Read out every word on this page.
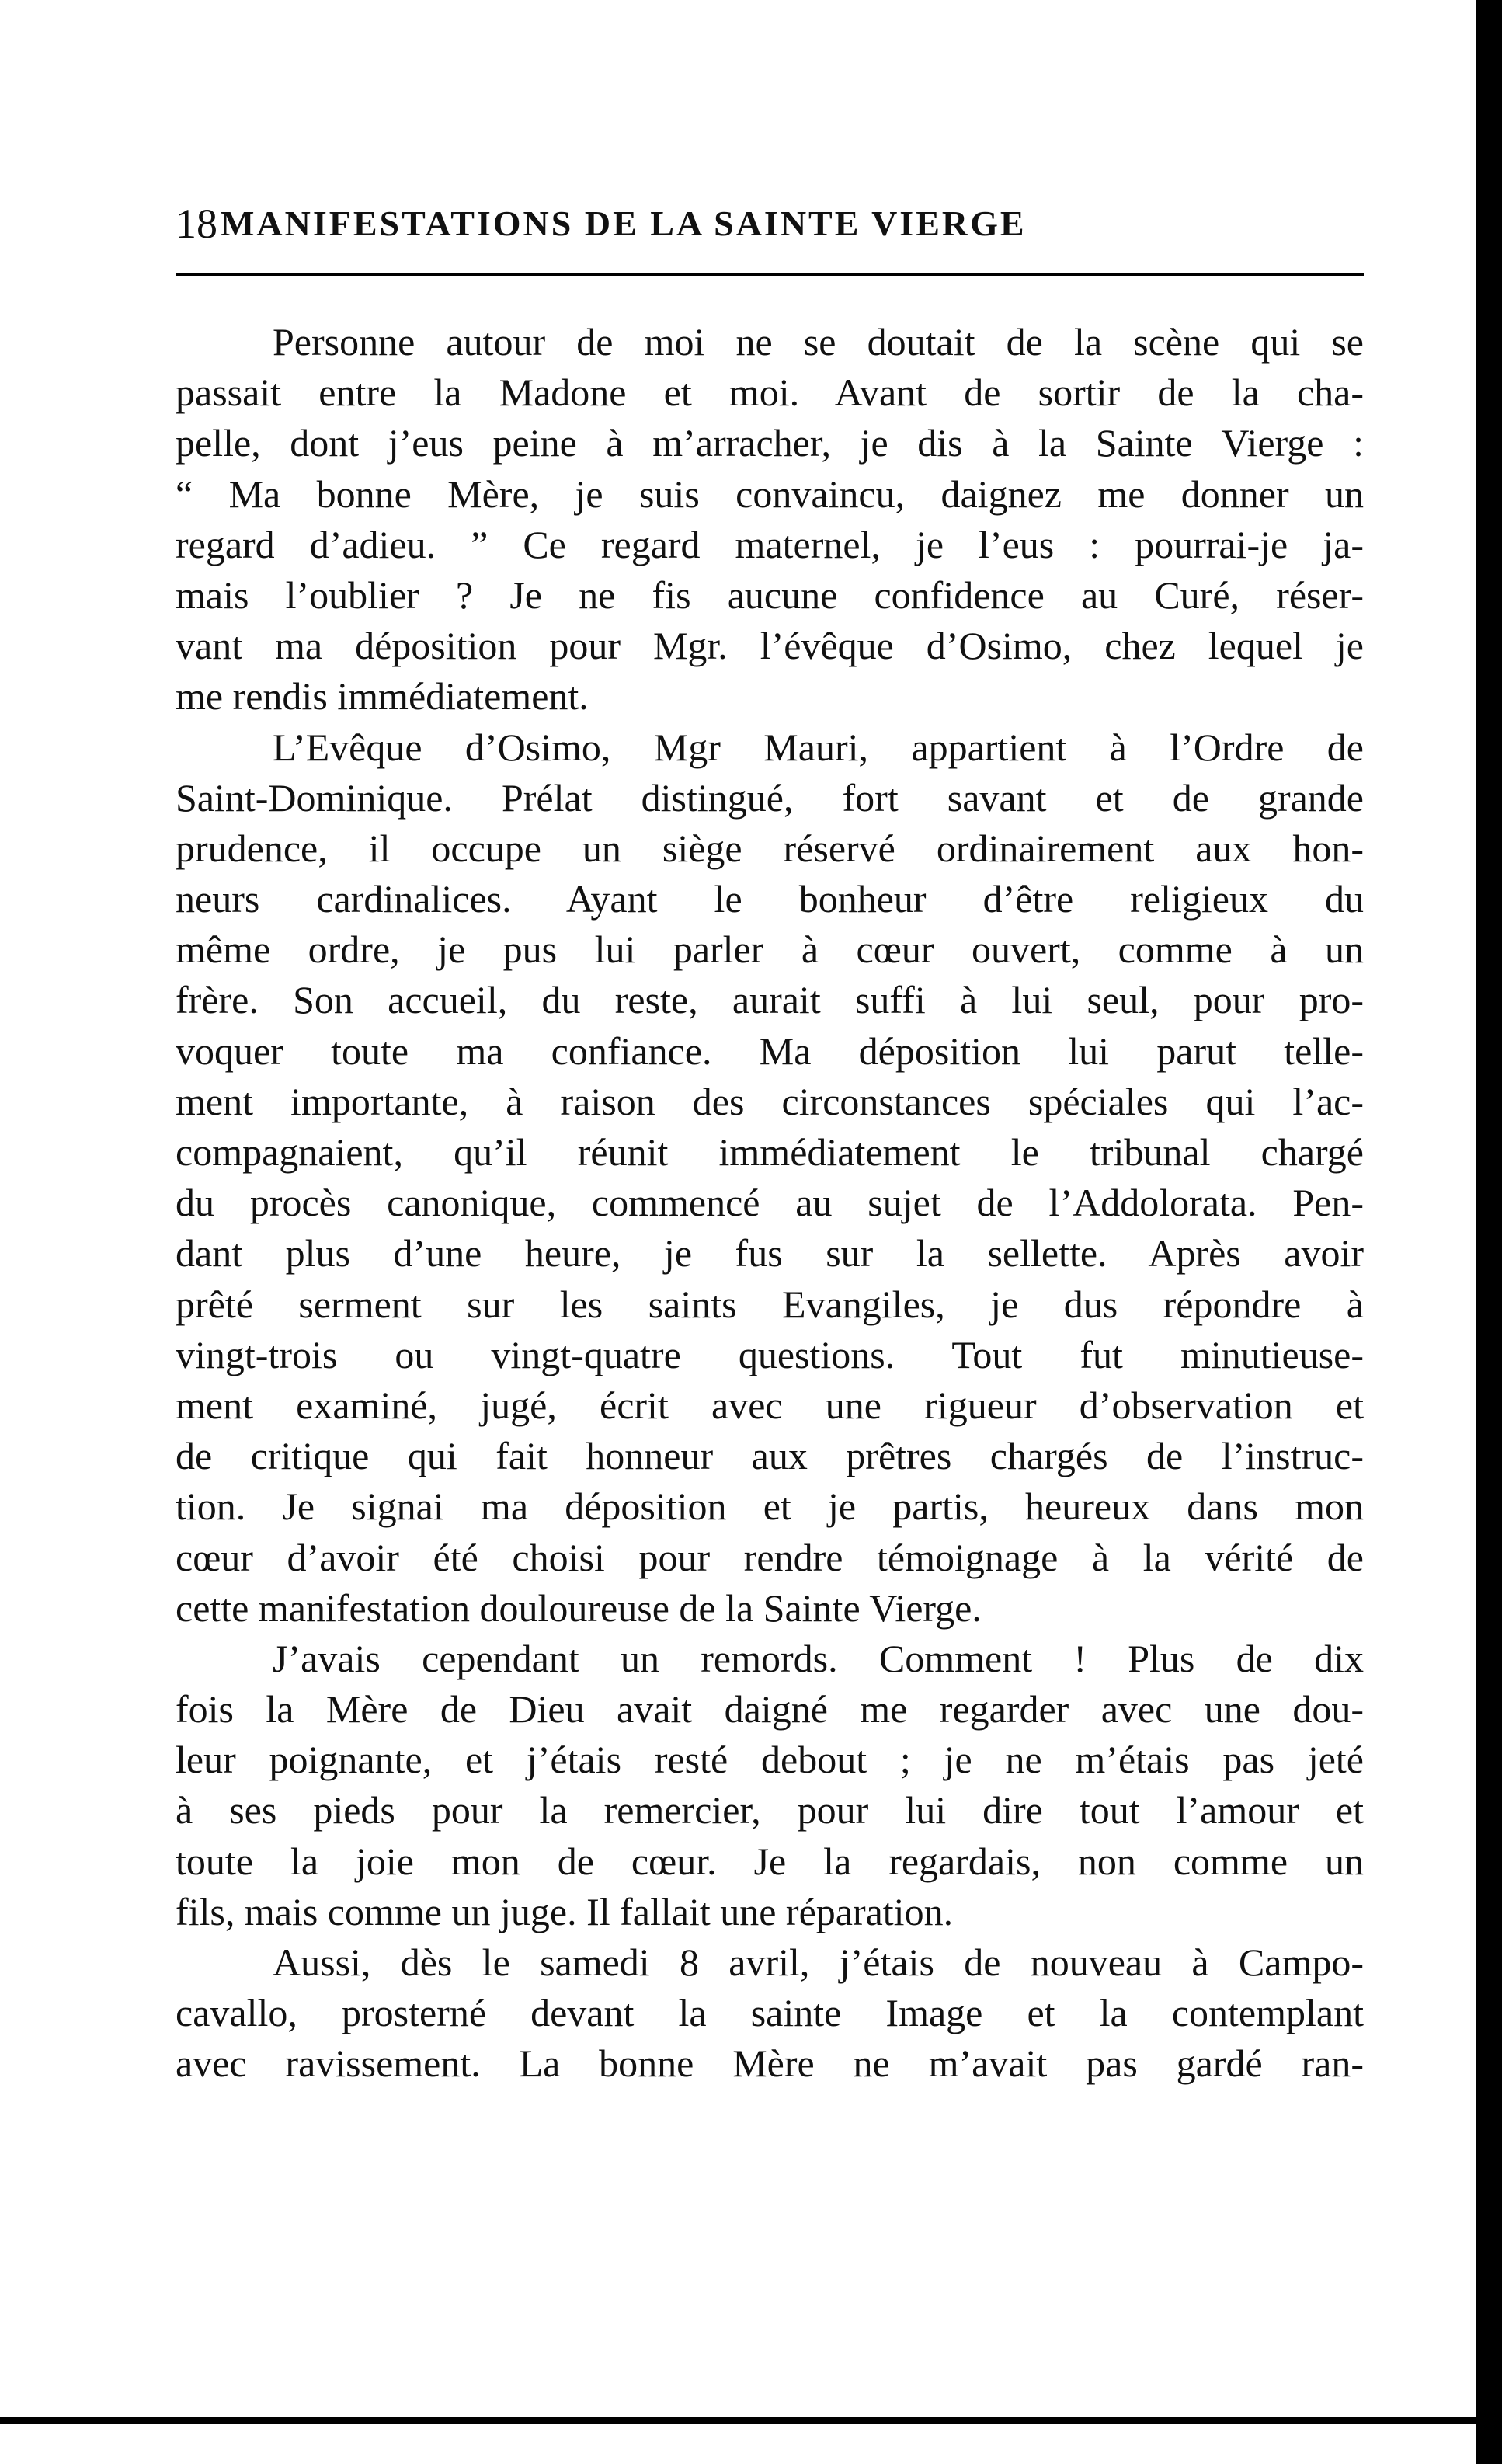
18 MANIFESTATIONS DE LA SAINTE VIERGE
Personne autour de moi ne se doutait de la scène qui se
passait entre la Madone et moi. Avant de sortir de la cha-
pelle, dont j’eus peine à m’arracher, je dis à la Sainte Vierge :
“ Ma bonne Mère, je suis convaincu, daignez me donner un
regard d’adieu. ” Ce regard maternel, je l’eus : pourrai-je ja-
mais l’oublier ? Je ne fis aucune confidence au Curé, réser-
vant ma déposition pour Mgr. l’évêque d’Osimo, chez lequel je
me rendis immédiatement.
L’Evêque d’Osimo, Mgr Mauri, appartient à l’Ordre de
Saint-Dominique. Prélat distingué, fort savant et de grande
prudence, il occupe un siège réservé ordinairement aux hon-
neurs cardinalices. Ayant le bonheur d’être religieux du
même ordre, je pus lui parler à cœur ouvert, comme à un
frère. Son accueil, du reste, aurait suffi à lui seul, pour pro-
voquer toute ma confiance. Ma déposition lui parut telle-
ment importante, à raison des circonstances spéciales qui l’ac-
compagnaient, qu’il réunit immédiatement le tribunal chargé
du procès canonique, commencé au sujet de l’Addolorata. Pen-
dant plus d’une heure, je fus sur la sellette. Après avoir
prêté serment sur les saints Evangiles, je dus répondre à
vingt-trois ou vingt-quatre questions. Tout fut minutieuse-
ment examiné, jugé, écrit avec une rigueur d’observation et
de critique qui fait honneur aux prêtres chargés de l’instruc-
tion. Je signai ma déposition et je partis, heureux dans mon
cœur d’avoir été choisi pour rendre témoignage à la vérité de
cette manifestation douloureuse de la Sainte Vierge.
J’avais cependant un remords. Comment ! Plus de dix
fois la Mère de Dieu avait daigné me regarder avec une dou-
leur poignante, et j’étais resté debout ; je ne m’étais pas jeté
à ses pieds pour la remercier, pour lui dire tout l’amour et
toute la joie mon de cœur. Je la regardais, non comme un
fils, mais comme un juge. Il fallait une réparation.
Aussi, dès le samedi 8 avril, j’étais de nouveau à Campo-
cavallo, prosterné devant la sainte Image et la contemplant
avec ravissement. La bonne Mère ne m’avait pas gardé ran-
